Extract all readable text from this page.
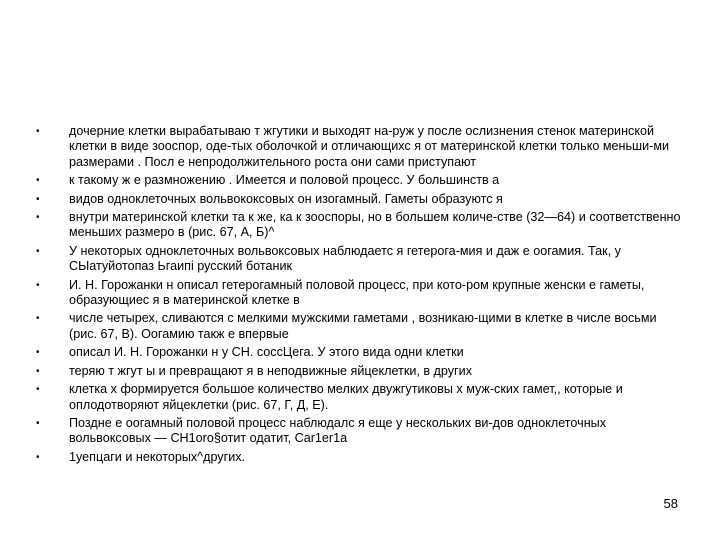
• дочерние клетки вырабатываю т жгутики и выходят на-руж у после ослизнения стенок материнской клетки в виде зооспор, оде-тых оболочкой и отличающихс я от материнской клетки только меньши-ми размерами . Посл е непродолжительного роста они сами приступают
• к такому ж е размножению . Имеется и половой процесс. У большинств а
• видов одноклеточных вольвококсовых он изогамный. Гаметы образуютс я
• внутри материнской клетки та к же, ка к зооспоры, но в большем количе-стве (32—64) и соответственно меньших размеро в (рис. 67, А, Б)^
• У некоторых одноклеточных вольвоксовых наблюдаетс я гетерога-мия и даж е оогамия. Так, у СЫатуйотопаз Ьгаипі русский ботаник
• И. Н. Горожанки н описал гетерогамный половой процесс, при кото-ром крупные женски е гаметы, образующиес я в материнской клетке в
• числе четырех, сливаются с мелкими мужскими гаметами , возникаю-щими в клетке в числе восьми (рис. 67, В). Оогамию такж е впервые
• описал И. Н. Горожанки н у СН. соссЦега. У этого вида одни клетки
• теряю т жгут ы и превращают я в неподвижные яйцеклетки, в других
• клетка х формируется большое количество мелких двужгутиковы х муж-ских гамет,, которые и оплодотворяют яйцеклетки (рис. 67, Г, Д, Е).
• Поздне е оогамный половой процесс наблюдалс я еще у нескольких ви-дов одноклеточных вольвоксовых — СН1orо§отит одатит, Car1er1a
• 1уепцаги и некоторых^других.
58
